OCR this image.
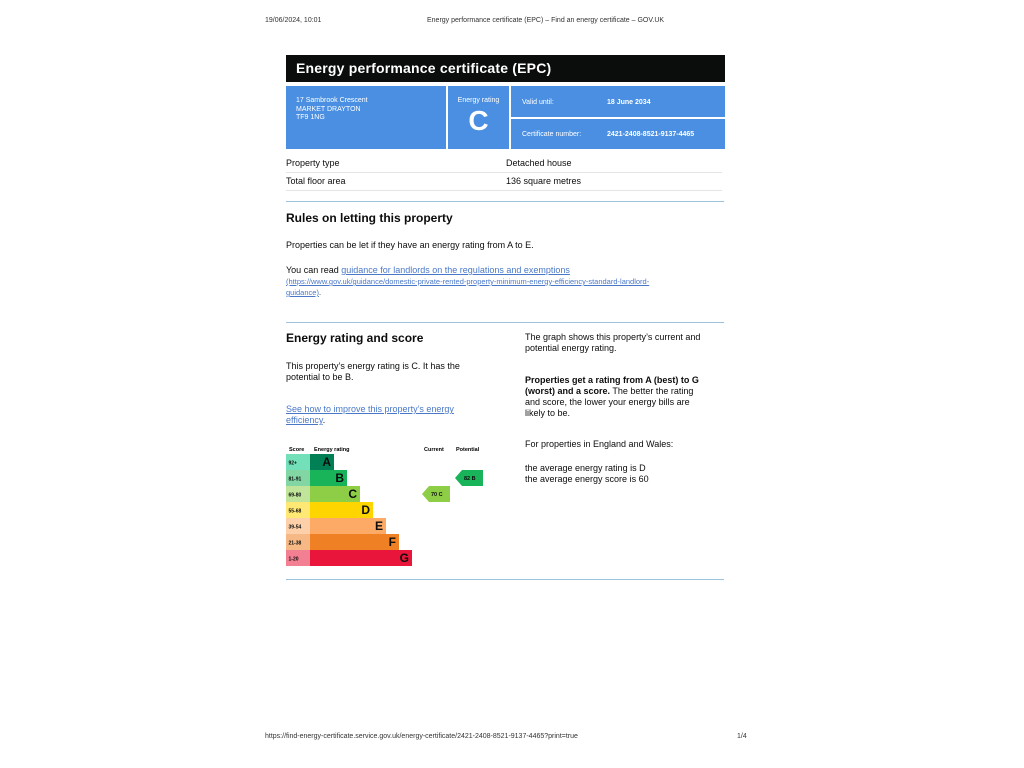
19/06/2024, 10:01	Energy performance certificate (EPC) – Find an energy certificate – GOV.UK
Energy performance certificate (EPC)
17 Sambrook Crescent
MARKET DRAYTON
TF9 1NG
Energy rating
C
Valid until:	18 June 2034
Certificate number:	2421-2408-8521-9137-4465
Property type	Detached house
Total floor area	136 square metres
Rules on letting this property
Properties can be let if they have an energy rating from A to E.
You can read guidance for landlords on the regulations and exemptions
(https://www.gov.uk/guidance/domestic-private-rented-property-minimum-energy-efficiency-standard-landlord-
guidance).
Energy rating and score
This property’s energy rating is C. It has the
potential to be B.
See how to improve this property’s energy
efficiency.
The graph shows this property’s current and
potential energy rating.
Properties get a rating from A (best) to G
(worst) and a score. The better the rating
and score, the lower your energy bills are
likely to be.
For properties in England and Wales:
the average energy rating is D
the average energy score is 60
Score Energy rating	Current Potential
92+ A
81-91	B
69-80	C
55-68	D
39-54	E
21-38	F
1-20	G
70 C
82 B
https://find-energy-certificate.service.gov.uk/energy-certificate/2421-2408-8521-9137-4465?print=true	1/4
